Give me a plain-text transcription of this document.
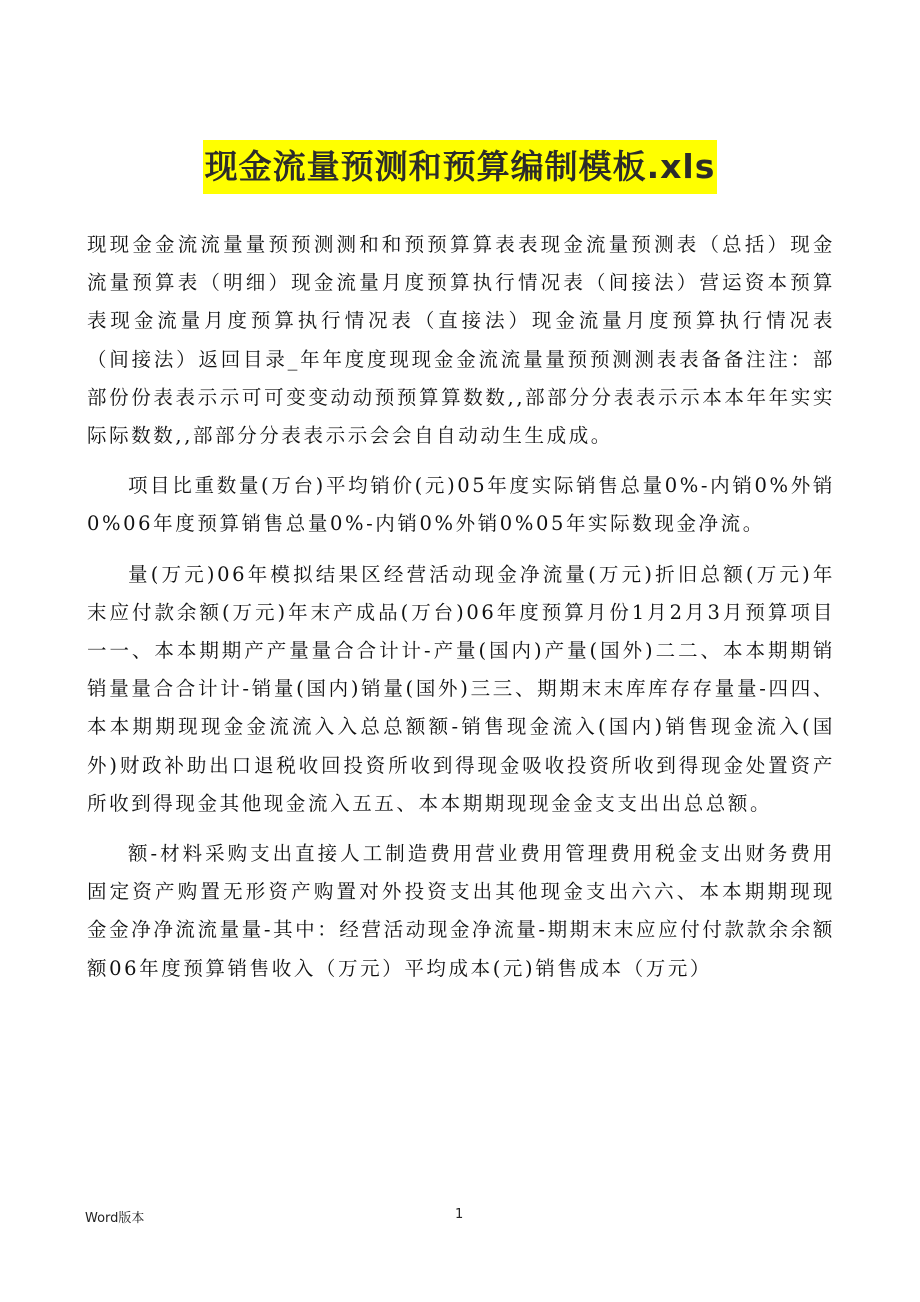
现金流量预测和预算编制模板.xls

现现金金流流量量预预测测和和预预算算表表现金流量预测表（总括）现金流量预算表（明细）现金流量月度预算执行情况表（间接法）营运资本预算表现金流量月度预算执行情况表（直接法）现金流量月度预算执行情况表（间接法）返回目录_年年度度现现金金流流量量预预测测表表备备注注：部部份份表表示示可可变变动动预预算算数数,,部部分分表表示示本本年年实实际际数数,,部部分分表表示示会会自自动动生生成成。

项目比重数量(万台)平均销价(元)05年度实际销售总量0%-内销0%外销0%06年度预算销售总量0%-内销0%外销0%05年实际数现金净流。

量(万元)06年模拟结果区经营活动现金净流量(万元)折旧总额(万元)年末应付款余额(万元)年末产成品(万台)06年度预算月份1月2月3月预算项目一一、本本期期产产量量合合计计-产量(国内)产量(国外)二二、本本期期销销量量合合计计-销量(国内)销量(国外)三三、期期末末库库存存量量-四四、本本期期现现金金流流入入总总额额-销售现金流入(国内)销售现金流入(国外)财政补助出口退税收回投资所收到得现金吸收投资所收到得现金处置资产所收到得现金其他现金流入五五、本本期期现现金金支支出出总总额。

额-材料采购支出直接人工制造费用营业费用管理费用税金支出财务费用固定资产购置无形资产购置对外投资支出其他现金支出六六、本本期期现现金金净净流流量量-其中：经营活动现金净流量-期期末末应应付付款款余余额额06年度预算销售收入（万元）平均成本(元)销售成本（万元）

Word版本	1
